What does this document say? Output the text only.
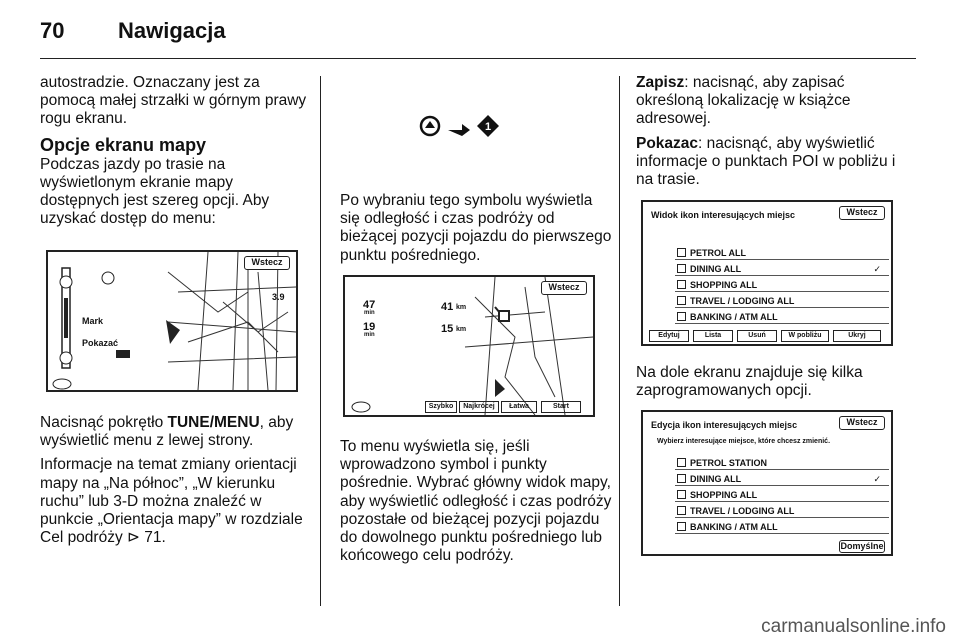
70 Nawigacja

autostradzie. Oznaczany jest za pomocą małej strzałki w górnym prawy rogu ekranu.

Opcje ekranu mapy

Podczas jazdy po trasie na wyświetlonym ekranie mapy dostępnych jest szereg opcji. Aby uzyskać dostęp do menu:

Wstecz
Mark
Pokazać
3.9

Nacisnąć pokrętło TUNE/MENU, aby wyświetlić menu z lewej strony.

Informacje na temat zmiany orientacji mapy na „Na północ”, „W kierunku ruchu” lub 3-D można znaleźć w punkcie „Orientacja mapy” w rozdziale Cel podróży ⊳ 71.

1

Po wybraniu tego symbolu wyświetla się odległość i czas podróży od bieżącej pozycji pojazdu do pierwszego punktu pośredniego.

Wstecz
47
min	41 km
19
min	15 km
Szybko	Najkrócej	Łatwa	Start

To menu wyświetla się, jeśli wprowadzono symbol i punkty pośrednie. Wybrać główny widok mapy, aby wyświetlić odległość i czas podróży pozostałe od bieżącej pozycji pojazdu do dowolnego punktu pośredniego lub końcowego celu podróży.

Zapisz: nacisnąć, aby zapisać określoną lokalizację w książce adresowej.

Pokazac: nacisnąć, aby wyświetlić informacje o punktach POI w pobliżu i na trasie.

Widok ikon interesujących miejsc	Wstecz
PETROL ALL
DINING ALL	✓
SHOPPING ALL
TRAVEL / LODGING ALL
BANKING / ATM ALL
Edytuj	Lista	Usuń	W pobliżu	Ukryj

Na dole ekranu znajduje się kilka zaprogramowanych opcji.

Edycja ikon interesujących miejsc	Wstecz
Wybierz interesujące miejsce, które chcesz zmienić.
PETROL STATION
DINING ALL	✓
SHOPPING ALL
TRAVEL / LODGING ALL
BANKING / ATM ALL
Domyślne
carmanualsonline.info
